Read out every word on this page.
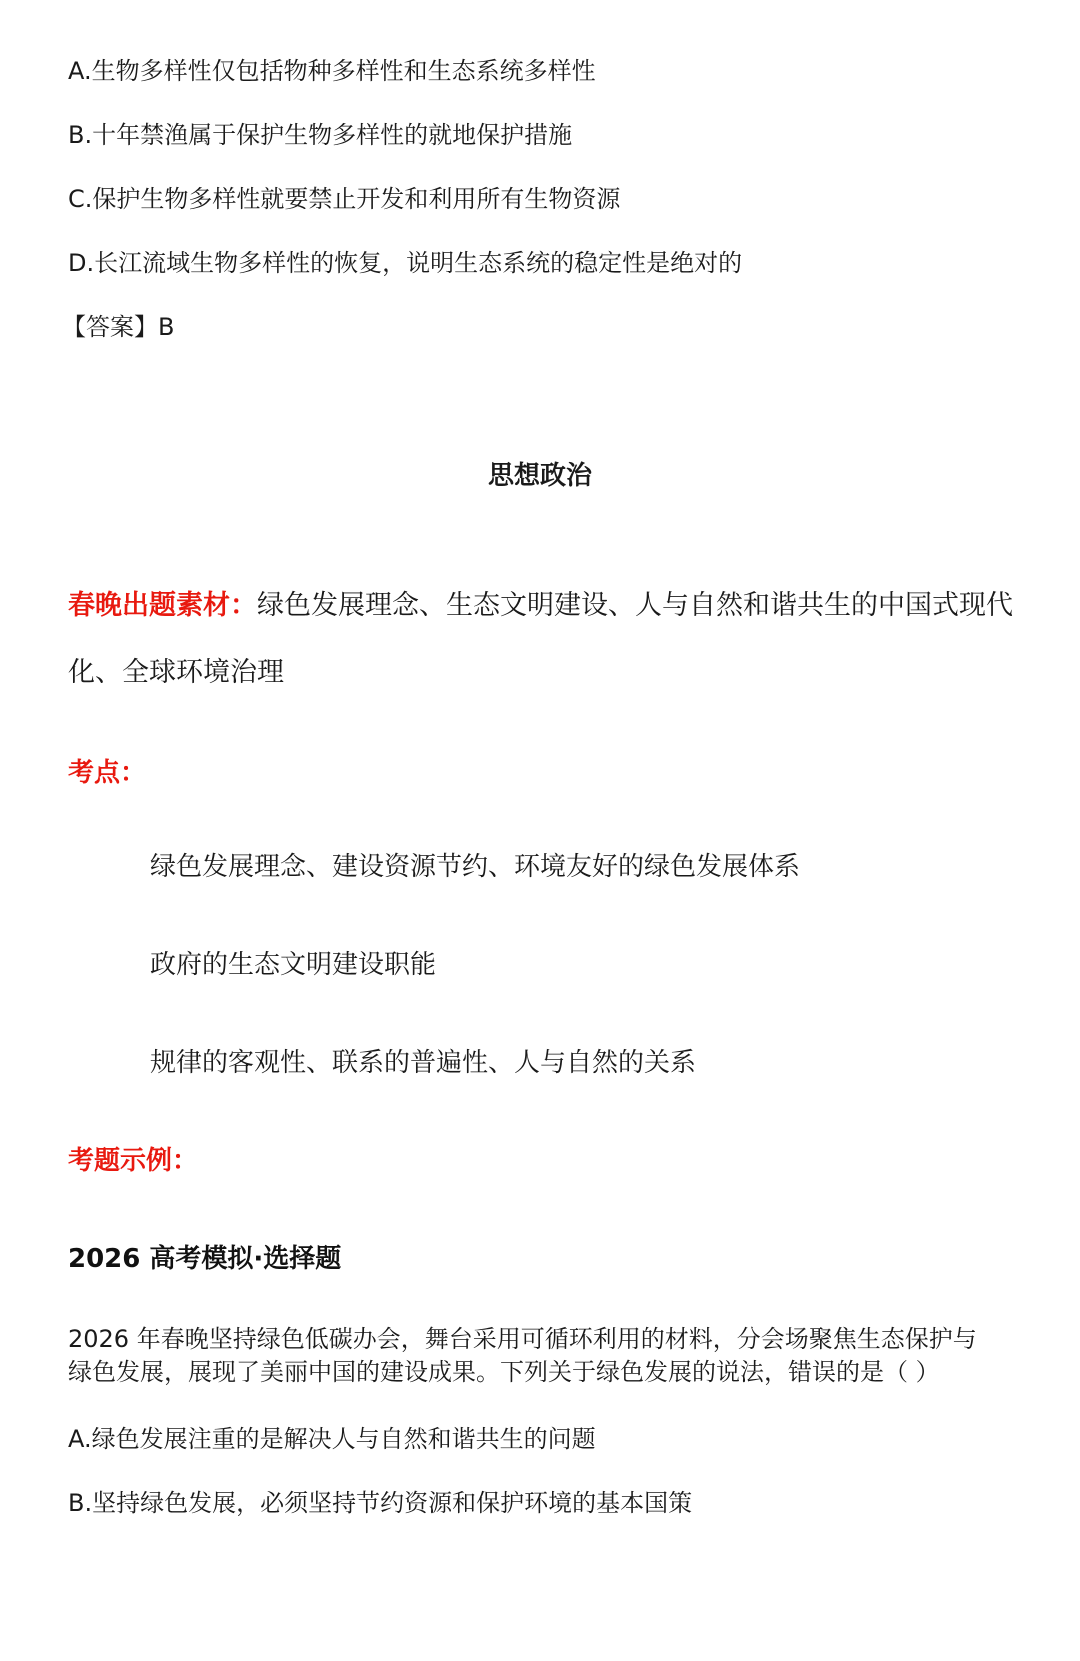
A.生物多样性仅包括物种多样性和生态系统多样性

B.十年禁渔属于保护生物多样性的就地保护措施

C.保护生物多样性就要禁止开发和利用所有生物资源

D.长江流域生物多样性的恢复，说明生态系统的稳定性是绝对的

【答案】B

思想政治

春晚出题素材：绿色发展理念、生态文明建设、人与自然和谐共生的中国式现代

化、全球环境治理

考点：

绿色发展理念、建设资源节约、环境友好的绿色发展体系

政府的生态文明建设职能

规律的客观性、联系的普遍性、人与自然的关系

考题示例：

2026 高考模拟·选择题

2026 年春晚坚持绿色低碳办会，舞台采用可循环利用的材料，分会场聚焦生态保护与

绿色发展，展现了美丽中国的建设成果。下列关于绿色发展的说法，错误的是（ ）

A.绿色发展注重的是解决人与自然和谐共生的问题

B.坚持绿色发展，必须坚持节约资源和保护环境的基本国策
